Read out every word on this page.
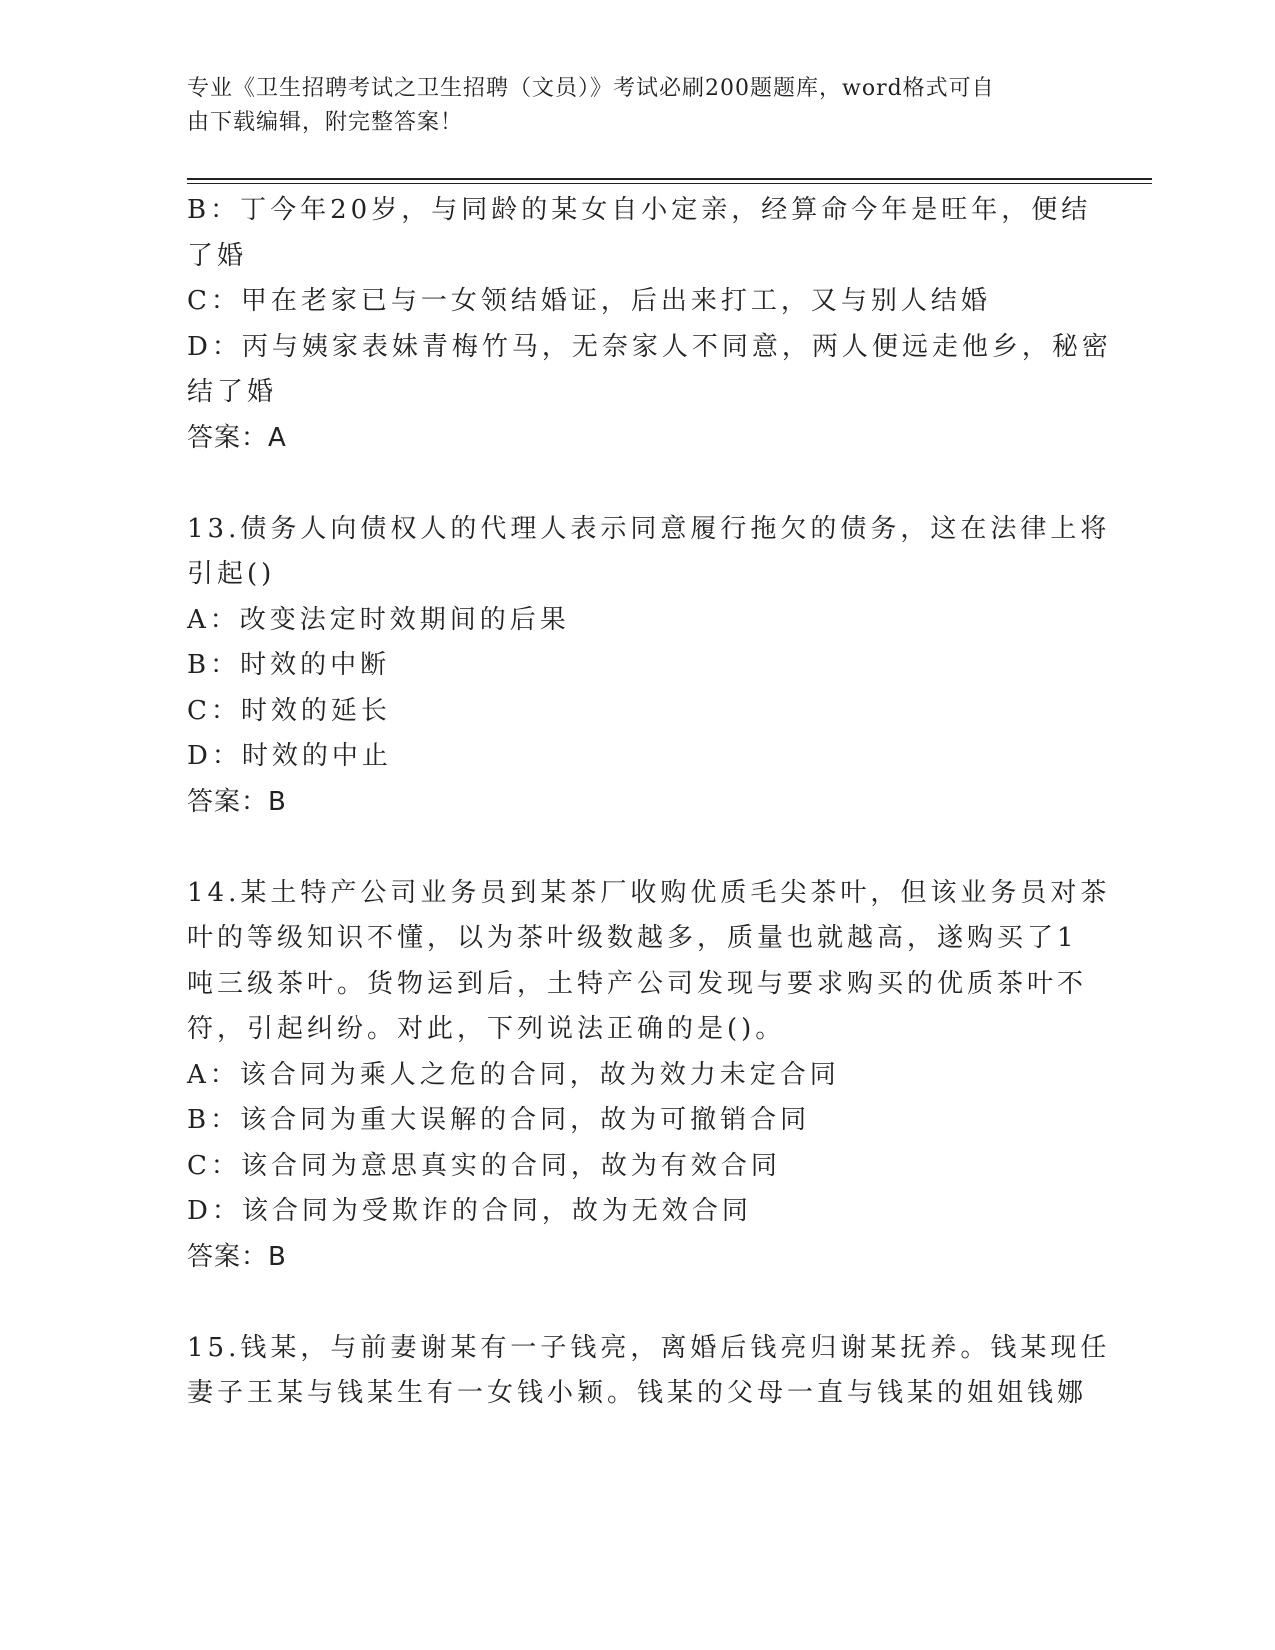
专业《卫生招聘考试之卫生招聘（文员）》考试必刷200题题库，word格式可自
由下载编辑，附完整答案！
B：丁今年20岁，与同龄的某女自小定亲，经算命今年是旺年，便结
了婚
C：甲在老家已与一女领结婚证，后出来打工，又与别人结婚
D：丙与姨家表妹青梅竹马，无奈家人不同意，两人便远走他乡，秘密
结了婚
答案：A
13.债务人向债权人的代理人表示同意履行拖欠的债务，这在法律上将
引起()
A：改变法定时效期间的后果
B：时效的中断
C：时效的延长
D：时效的中止
答案：B
14.某土特产公司业务员到某茶厂收购优质毛尖茶叶，但该业务员对茶
叶的等级知识不懂，以为茶叶级数越多，质量也就越高，遂购买了1
吨三级茶叶。货物运到后，土特产公司发现与要求购买的优质茶叶不
符，引起纠纷。对此，下列说法正确的是()。
A：该合同为乘人之危的合同，故为效力未定合同
B：该合同为重大误解的合同，故为可撤销合同
C：该合同为意思真实的合同，故为有效合同
D：该合同为受欺诈的合同，故为无效合同
答案：B
15.钱某，与前妻谢某有一子钱亮，离婚后钱亮归谢某抚养。钱某现任
妻子王某与钱某生有一女钱小颖。钱某的父母一直与钱某的姐姐钱娜
